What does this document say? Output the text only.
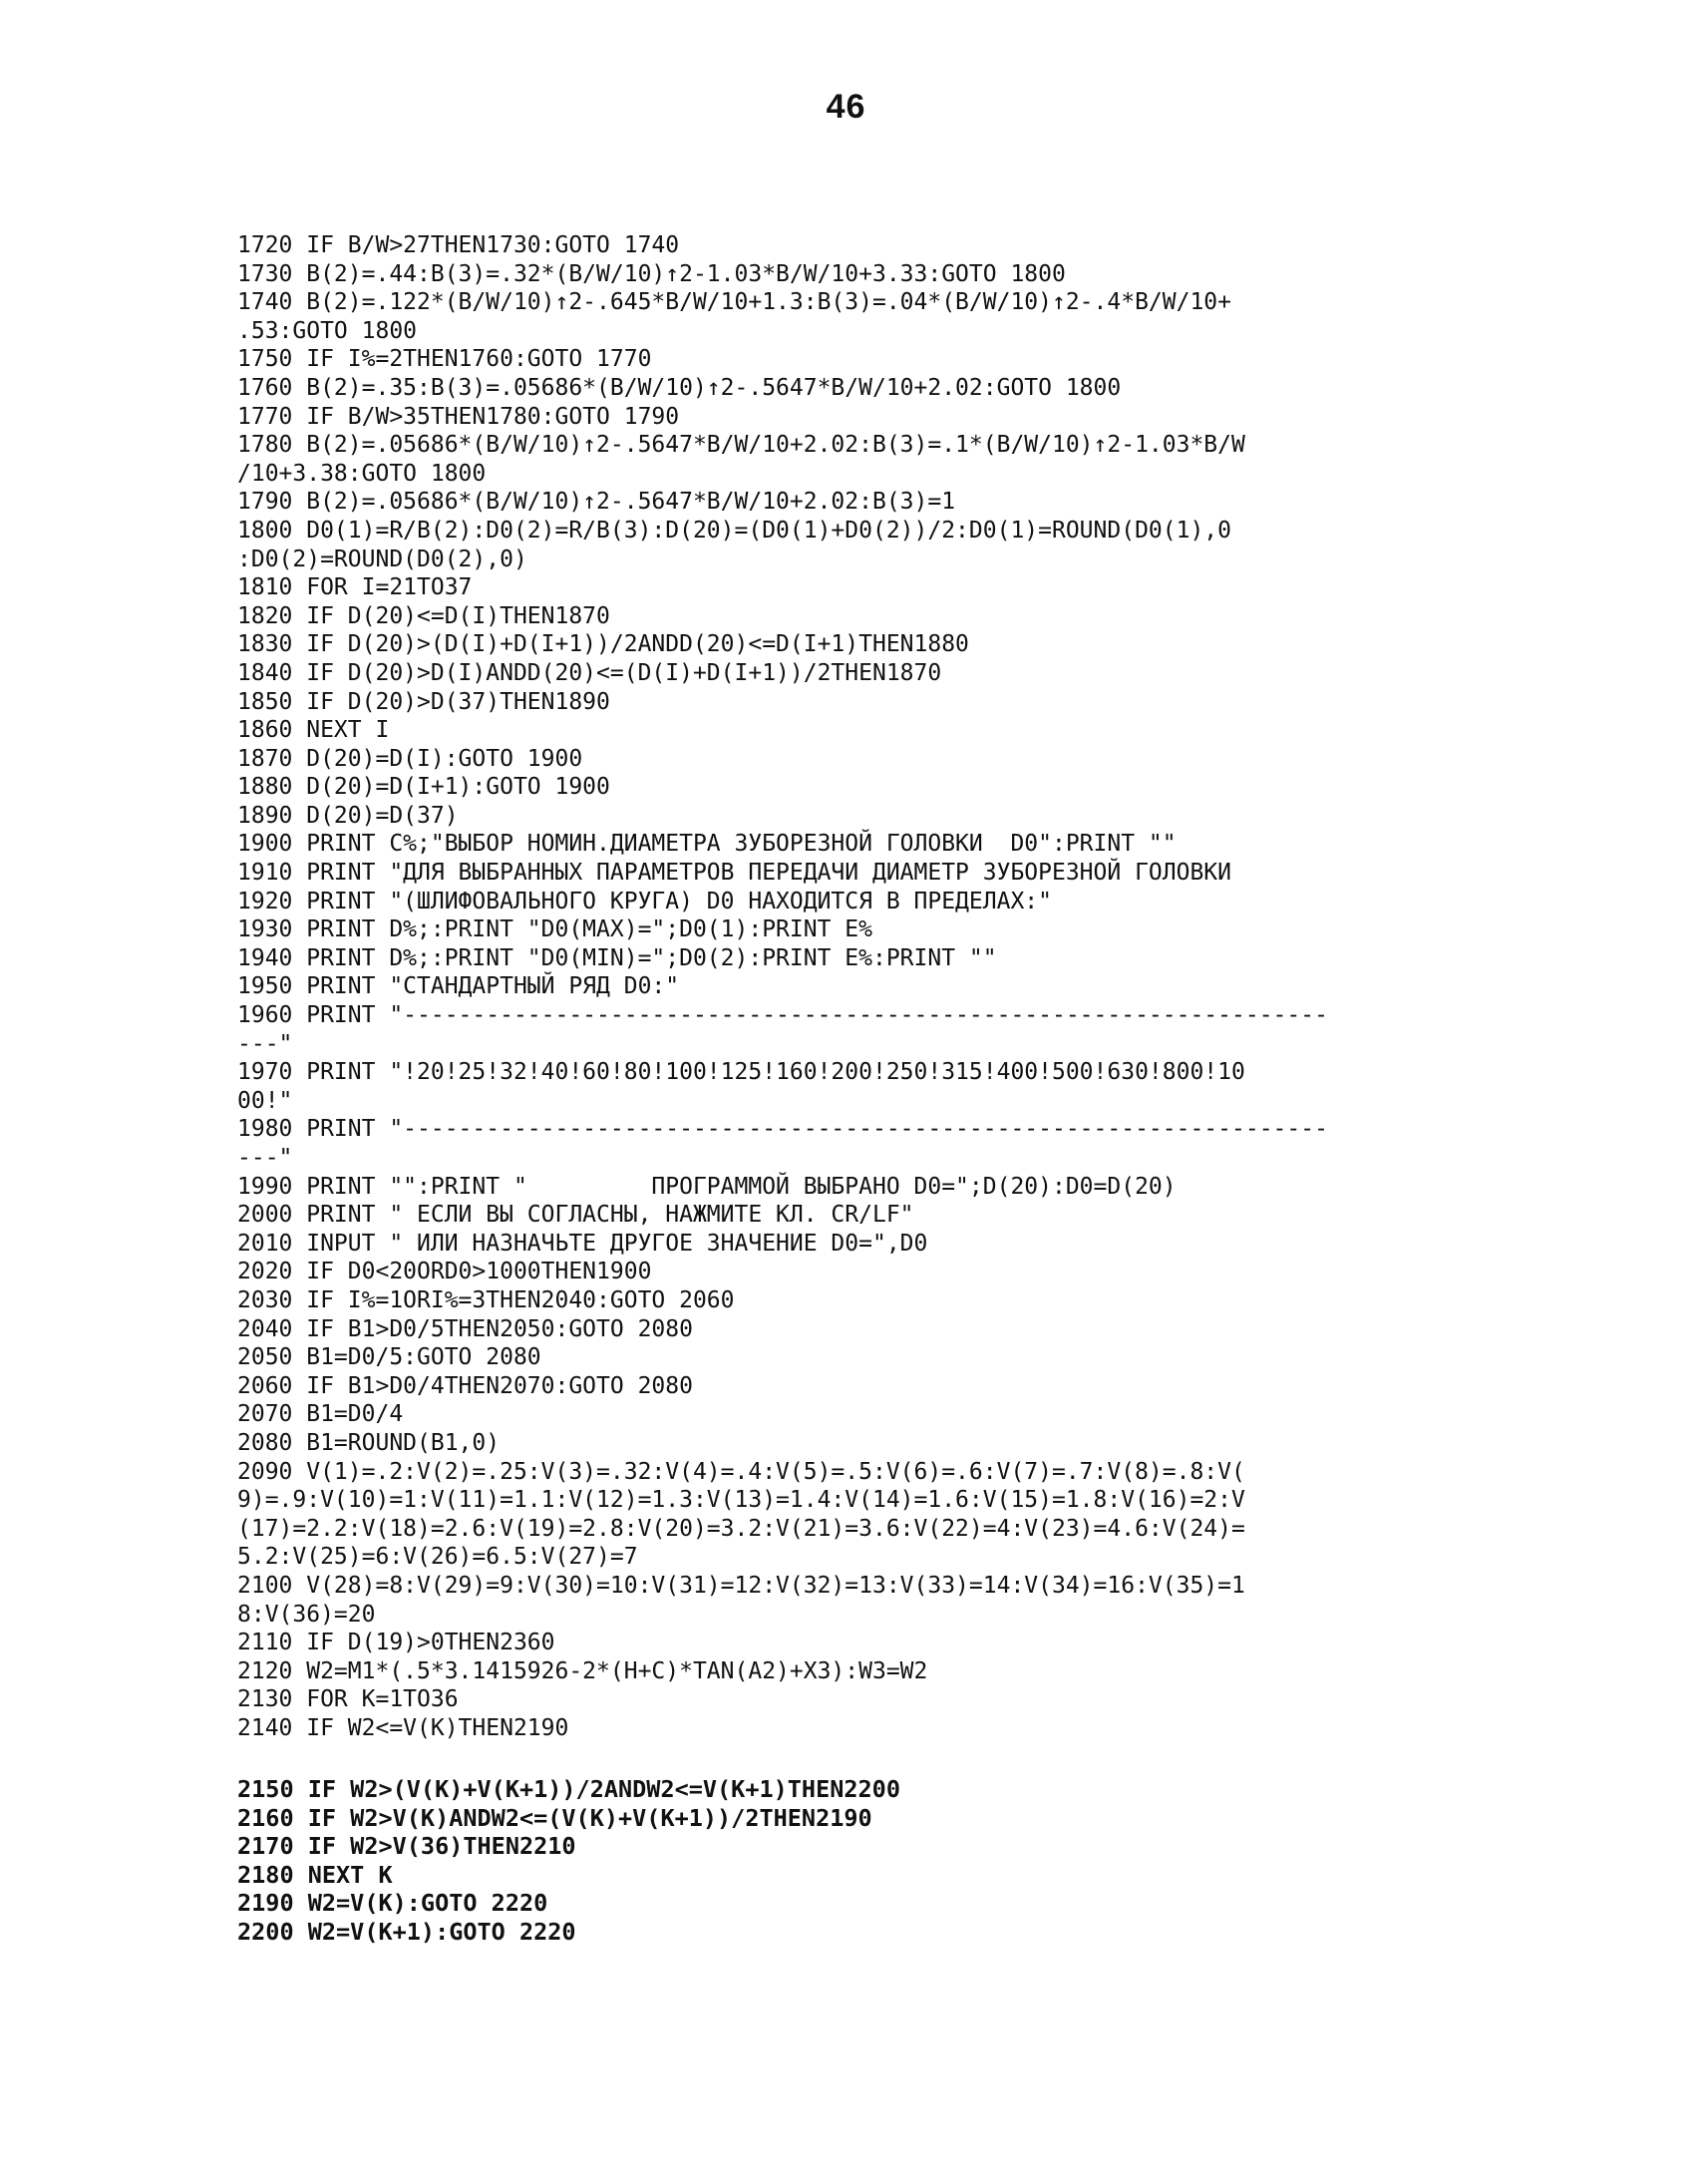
46
1720 IF B/W>27THEN1730:GOTO 1740
1730 B(2)=.44:B(3)=.32*(B/W/10)↑2-1.03*B/W/10+3.33:GOTO 1800
1740 B(2)=.122*(B/W/10)↑2-.645*B/W/10+1.3:B(3)=.04*(B/W/10)↑2-.4*B/W/10+
.53:GOTO 1800
1750 IF I%=2THEN1760:GOTO 1770
1760 B(2)=.35:B(3)=.05686*(B/W/10)↑2-.5647*B/W/10+2.02:GOTO 1800
1770 IF B/W>35THEN1780:GOTO 1790
1780 B(2)=.05686*(B/W/10)↑2-.5647*B/W/10+2.02:B(3)=.1*(B/W/10)↑2-1.03*B/W
/10+3.38:GOTO 1800
1790 B(2)=.05686*(B/W/10)↑2-.5647*B/W/10+2.02:B(3)=1
1800 D0(1)=R/B(2):D0(2)=R/B(3):D(20)=(D0(1)+D0(2))/2:D0(1)=ROUND(D0(1),0
:D0(2)=ROUND(D0(2),0)
1810 FOR I=21TO37
1820 IF D(20)<=D(I)THEN1870
1830 IF D(20)>(D(I)+D(I+1))/2ANDD(20)<=D(I+1)THEN1880
1840 IF D(20)>D(I)ANDD(20)<=(D(I)+D(I+1))/2THEN1870
1850 IF D(20)>D(37)THEN1890
1860 NEXT I
1870 D(20)=D(I):GOTO 1900
1880 D(20)=D(I+1):GOTO 1900
1890 D(20)=D(37)
1900 PRINT C%;"ВЫБОР НОМИН.ДИАМЕТРА ЗУБОРЕЗНОЙ ГОЛОВКИ  D0":PRINT ""
1910 PRINT "ДЛЯ ВЫБРАННЫХ ПАРАМЕТРОВ ПЕРЕДАЧИ ДИАМЕТР ЗУБОРЕЗНОЙ ГОЛОВКИ
1920 PRINT "(ШЛИФОВАЛЬНОГО КРУГА) D0 НАХОДИТСЯ В ПРЕДЕЛАХ:"
1930 PRINT D%;:PRINT "D0(MAX)=";D0(1):PRINT E%
1940 PRINT D%;:PRINT "D0(MIN)=";D0(2):PRINT E%:PRINT ""
1950 PRINT "СТАНДАРТНЫЙ РЯД D0:"
1960 PRINT "-------------------------------------------------------------------
---"
1970 PRINT "!20!25!32!40!60!80!100!125!160!200!250!315!400!500!630!800!10
00!"
1980 PRINT "-------------------------------------------------------------------
---"
1990 PRINT "":PRINT "         ПРОГРАММОЙ ВЫБРАНО D0=";D(20):D0=D(20)
2000 PRINT " ЕСЛИ ВЫ СОГЛАСНЫ, НАЖМИТЕ КЛ. CR/LF"
2010 INPUT " ИЛИ НАЗНАЧЬТЕ ДРУГОЕ ЗНАЧЕНИЕ D0=",D0
2020 IF D0<20ORD0>1000THEN1900
2030 IF I%=1ORI%=3THEN2040:GOTO 2060
2040 IF B1>D0/5THEN2050:GOTO 2080
2050 B1=D0/5:GOTO 2080
2060 IF B1>D0/4THEN2070:GOTO 2080
2070 B1=D0/4
2080 B1=ROUND(B1,0)
2090 V(1)=.2:V(2)=.25:V(3)=.32:V(4)=.4:V(5)=.5:V(6)=.6:V(7)=.7:V(8)=.8:V(
9)=.9:V(10)=1:V(11)=1.1:V(12)=1.3:V(13)=1.4:V(14)=1.6:V(15)=1.8:V(16)=2:V
(17)=2.2:V(18)=2.6:V(19)=2.8:V(20)=3.2:V(21)=3.6:V(22)=4:V(23)=4.6:V(24)=
5.2:V(25)=6:V(26)=6.5:V(27)=7
2100 V(28)=8:V(29)=9:V(30)=10:V(31)=12:V(32)=13:V(33)=14:V(34)=16:V(35)=1
8:V(36)=20
2110 IF D(19)>0THEN2360
2120 W2=M1*(.5*3.1415926-2*(H+C)*TAN(A2)+X3):W3=W2
2130 FOR K=1TO36
2140 IF W2<=V(K)THEN2190
2150 IF W2>(V(K)+V(K+1))/2ANDW2<=V(K+1)THEN2200
2160 IF W2>V(K)ANDW2<=(V(K)+V(K+1))/2THEN2190
2170 IF W2>V(36)THEN2210
2180 NEXT K
2190 W2=V(K):GOTO 2220
2200 W2=V(K+1):GOTO 2220
